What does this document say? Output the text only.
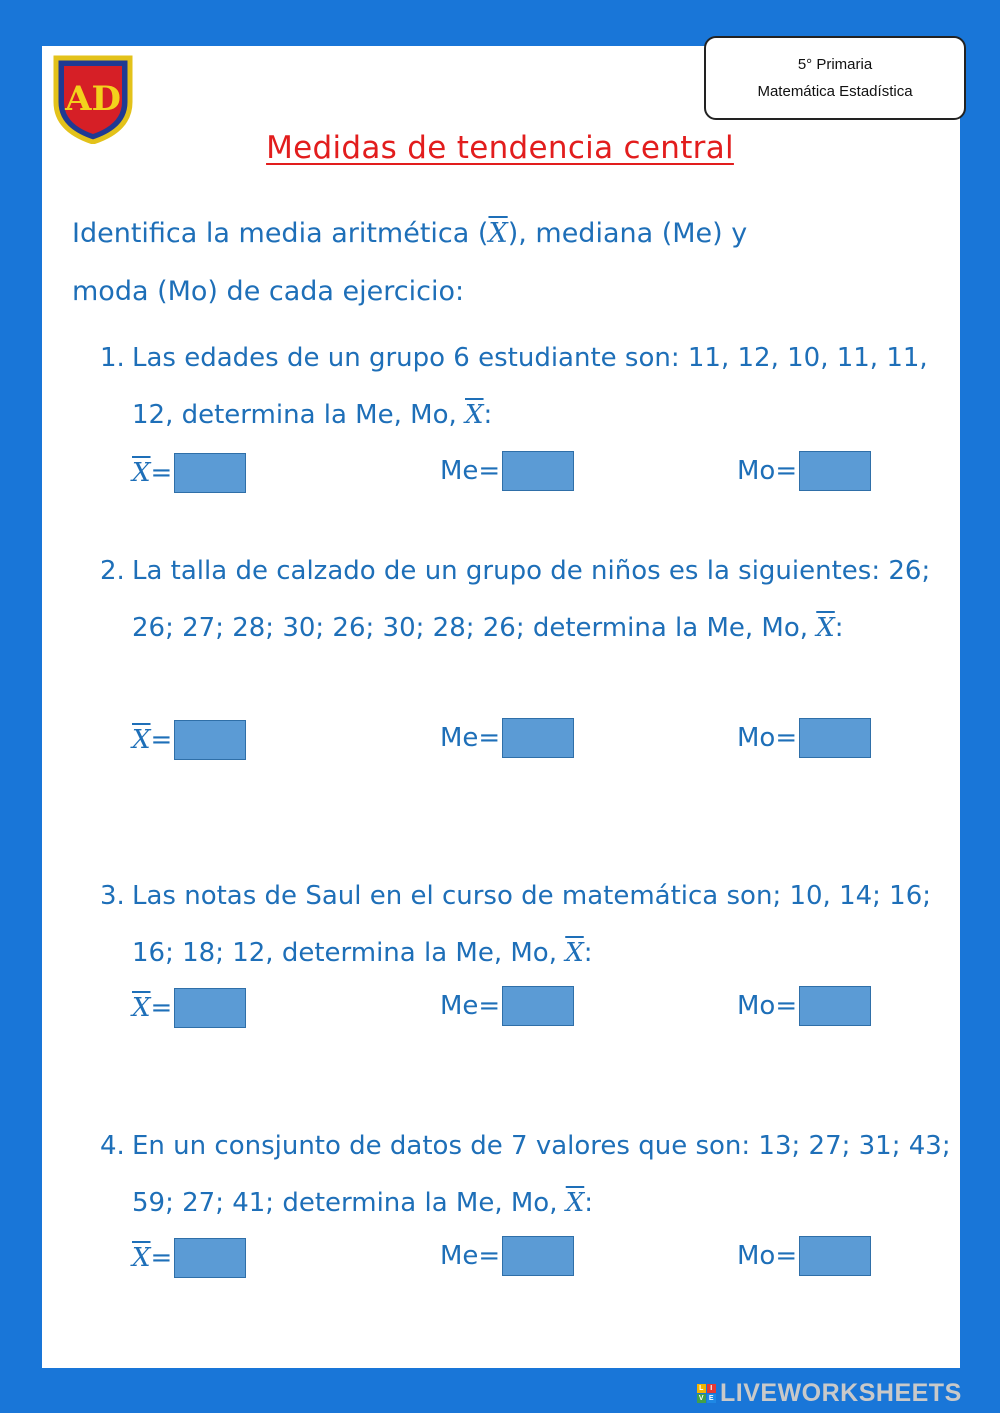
AD
5° Primaria
Matemática Estadística
Medidas de tendencia central
Identifica la media aritmética $(\overline{X})$, mediana (Me) y
moda (Mo) de cada ejercicio:
1. Las edades de un grupo 6 estudiante son: 11, 12, 10, 11, 11, 12, determina la Me, Mo, $\overline{X}$:
$\overline{X}$ =	Me=	Mo=
2. La talla de calzado de un grupo de niños es la siguientes: 26; 26; 27; 28; 30; 26; 30; 28; 26; determina la Me, Mo, $\overline{X}$:
$\overline{X}$ =	Me=	Mo=
3. Las notas de Saul en el curso de matemática son; 10, 14; 16; 16; 18; 12, determina la Me, Mo, $\overline{X}$:
$\overline{X}$ =	Me=	Mo=
4. En un consjunto de datos de 7 valores que son: 13; 27; 31; 43; 59; 27; 41; determina la Me, Mo, $\overline{X}$:
$\overline{X}$ =	Me=	Mo=
L I
V E LIVEWORKSHEETS
